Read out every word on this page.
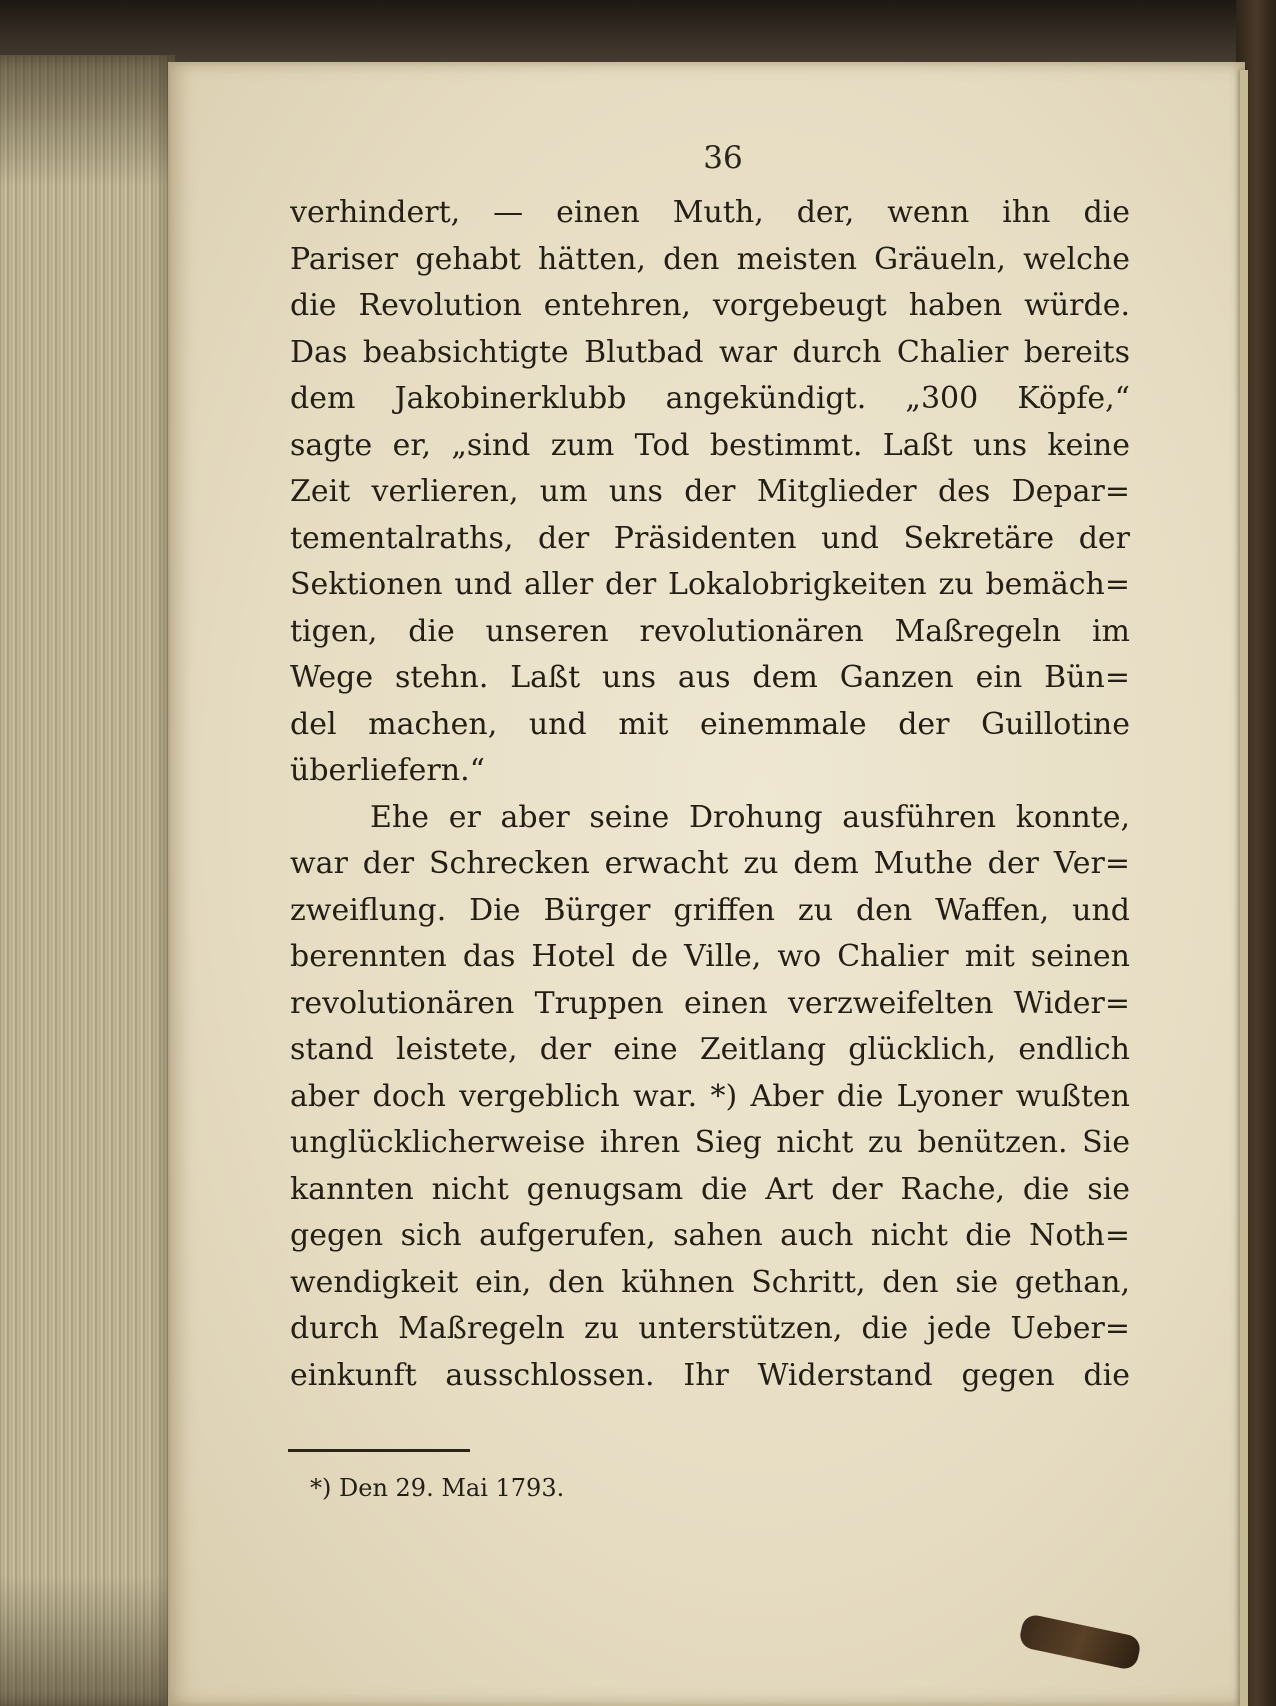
36
verhindert, — einen Muth, der, wenn ihn die
Pariser gehabt hätten, den meisten Gräueln, welche
die Revolution entehren, vorgebeugt haben würde.
Das beabsichtigte Blutbad war durch Chalier bereits
dem Jakobinerklubb angekündigt. „300 Köpfe,“
sagte er, „sind zum Tod bestimmt. Laßt uns keine
Zeit verlieren, um uns der Mitglieder des Depar=
tementalraths, der Präsidenten und Sekretäre der
Sektionen und aller der Lokalobrigkeiten zu bemäch=
tigen, die unseren revolutionären Maßregeln im
Wege stehn. Laßt uns aus dem Ganzen ein Bün=
del machen, und mit einemmale der Guillotine
überliefern.“
Ehe er aber seine Drohung ausführen konnte,
war der Schrecken erwacht zu dem Muthe der Ver=
zweiflung. Die Bürger griffen zu den Waffen, und
berennten das Hotel de Ville, wo Chalier mit seinen
revolutionären Truppen einen verzweifelten Wider=
stand leistete, der eine Zeitlang glücklich, endlich
aber doch vergeblich war. *) Aber die Lyoner wußten
unglücklicherweise ihren Sieg nicht zu benützen. Sie
kannten nicht genugsam die Art der Rache, die sie
gegen sich aufgerufen, sahen auch nicht die Noth=
wendigkeit ein, den kühnen Schritt, den sie gethan,
durch Maßregeln zu unterstützen, die jede Ueber=
einkunft ausschlossen. Ihr Widerstand gegen die
*) Den 29. Mai 1793.
